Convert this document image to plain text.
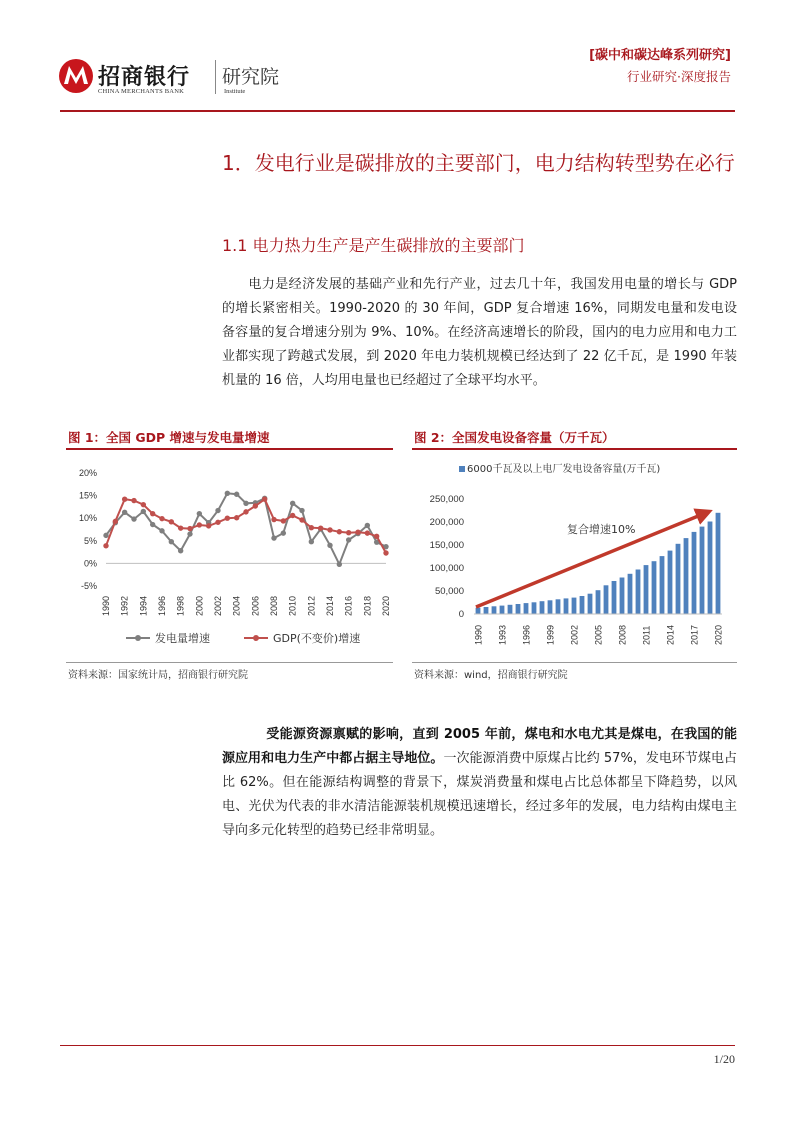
招商银行
CHINA MERCHANTS BANK
研究院
Institute
[碳中和碳达峰系列研究]
行业研究·深度报告
1．发电行业是碳排放的主要部门，电力结构转型势在必行
1.1 电力热力生产是产生碳排放的主要部门
电力是经济发展的基础产业和先行产业，过去几十年，我国发用电量的增长与 GDP 的增长紧密相关。1990-2020 的 30 年间，GDP 复合增速 16%，同期发电量和发电设备容量的复合增速分别为 9%、10%。在经济高速增长的阶段，国内的电力应用和电力工业都实现了跨越式发展，到 2020 年电力装机规模已经达到了 22 亿千瓦，是 1990 年装机量的 16 倍，人均用电量也已经超过了全球平均水平。
图 1：全国 GDP 增速与发电量增速
20%
15%
10%
5%
0%
-5%
1990 1992 1994 1996 1998 2000 2002 2004 2006 2008 2010 2012 2014 2016 2018 2020
发电量增速	GDP(不变价)增速
资料来源：国家统计局，招商银行研究院
图 2：全国发电设备容量（万千瓦）
6000千瓦及以上电厂发电设备容量(万千瓦)
250,000
200,000
150,000
100,000
50,000
0
1990 1993 1996 1999 2002 2005 2008 2011 2014 2017 2020
复合增速10%
资料来源：wind，招商银行研究院
受能源资源禀赋的影响，直到 2005 年前，煤电和水电尤其是煤电，在我国的能源应用和电力生产中都占据主导地位。一次能源消费中原煤占比约 57%，发电环节煤电占比 62%。但在能源结构调整的背景下，煤炭消费量和煤电占比总体都呈下降趋势，以风电、光伏为代表的非水清洁能源装机规模迅速增长，经过多年的发展，电力结构由煤电主导向多元化转型的趋势已经非常明显。
1/20
